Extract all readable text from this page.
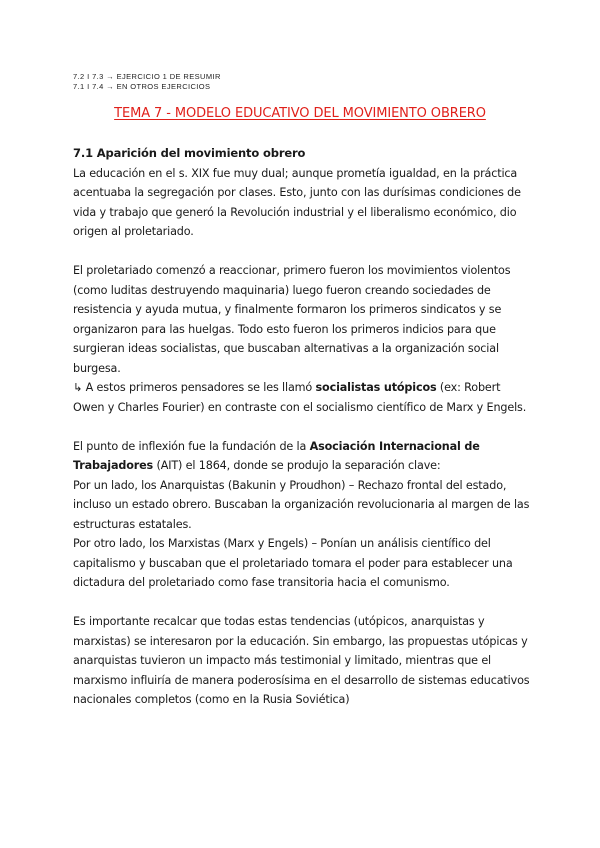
7.2 I 7.3 → EJERCICIO 1 DE RESUMIR
7.1 I 7.4 → EN OTROS EJERCICIOS
TEMA 7 - MODELO EDUCATIVO DEL MOVIMIENTO OBRERO

7.1 Aparición del movimiento obrero

La educación en el s. XIX fue muy dual; aunque prometía igualdad, en la práctica acentuaba la segregación por clases. Esto, junto con las durísimas condiciones de vida y trabajo que generó la Revolución industrial y el liberalismo económico, dio origen al proletariado.

El proletariado comenzó a reaccionar, primero fueron los movimientos violentos (como luditas destruyendo maquinaria) luego fueron creando sociedades de resistencia y ayuda mutua, y finalmente formaron los primeros sindicatos y se organizaron para las huelgas. Todo esto fueron los primeros indicios para que surgieran ideas socialistas, que buscaban alternativas a la organización social burgesa.

↳ A estos primeros pensadores se les llamó socialistas utópicos (ex: Robert Owen y Charles Fourier) en contraste con el socialismo científico de Marx y Engels.

El punto de inflexión fue la fundación de la Asociación Internacional de Trabajadores (AIT) el 1864, donde se produjo la separación clave:

Por un lado, los Anarquistas (Bakunin y Proudhon) – Rechazo frontal del estado, incluso un estado obrero. Buscaban la organización revolucionaria al margen de las estructuras estatales.

Por otro lado, los Marxistas (Marx y Engels) – Ponían un análisis científico del capitalismo y buscaban que el proletariado tomara el poder para establecer una dictadura del proletariado como fase transitoria hacia el comunismo.

Es importante recalcar que todas estas tendencias (utópicos, anarquistas y marxistas) se interesaron por la educación. Sin embargo, las propuestas utópicas y anarquistas tuvieron un impacto más testimonial y limitado, mientras que el marxismo influiría de manera poderosísima en el desarrollo de sistemas educativos nacionales completos (como en la Rusia Soviética)
